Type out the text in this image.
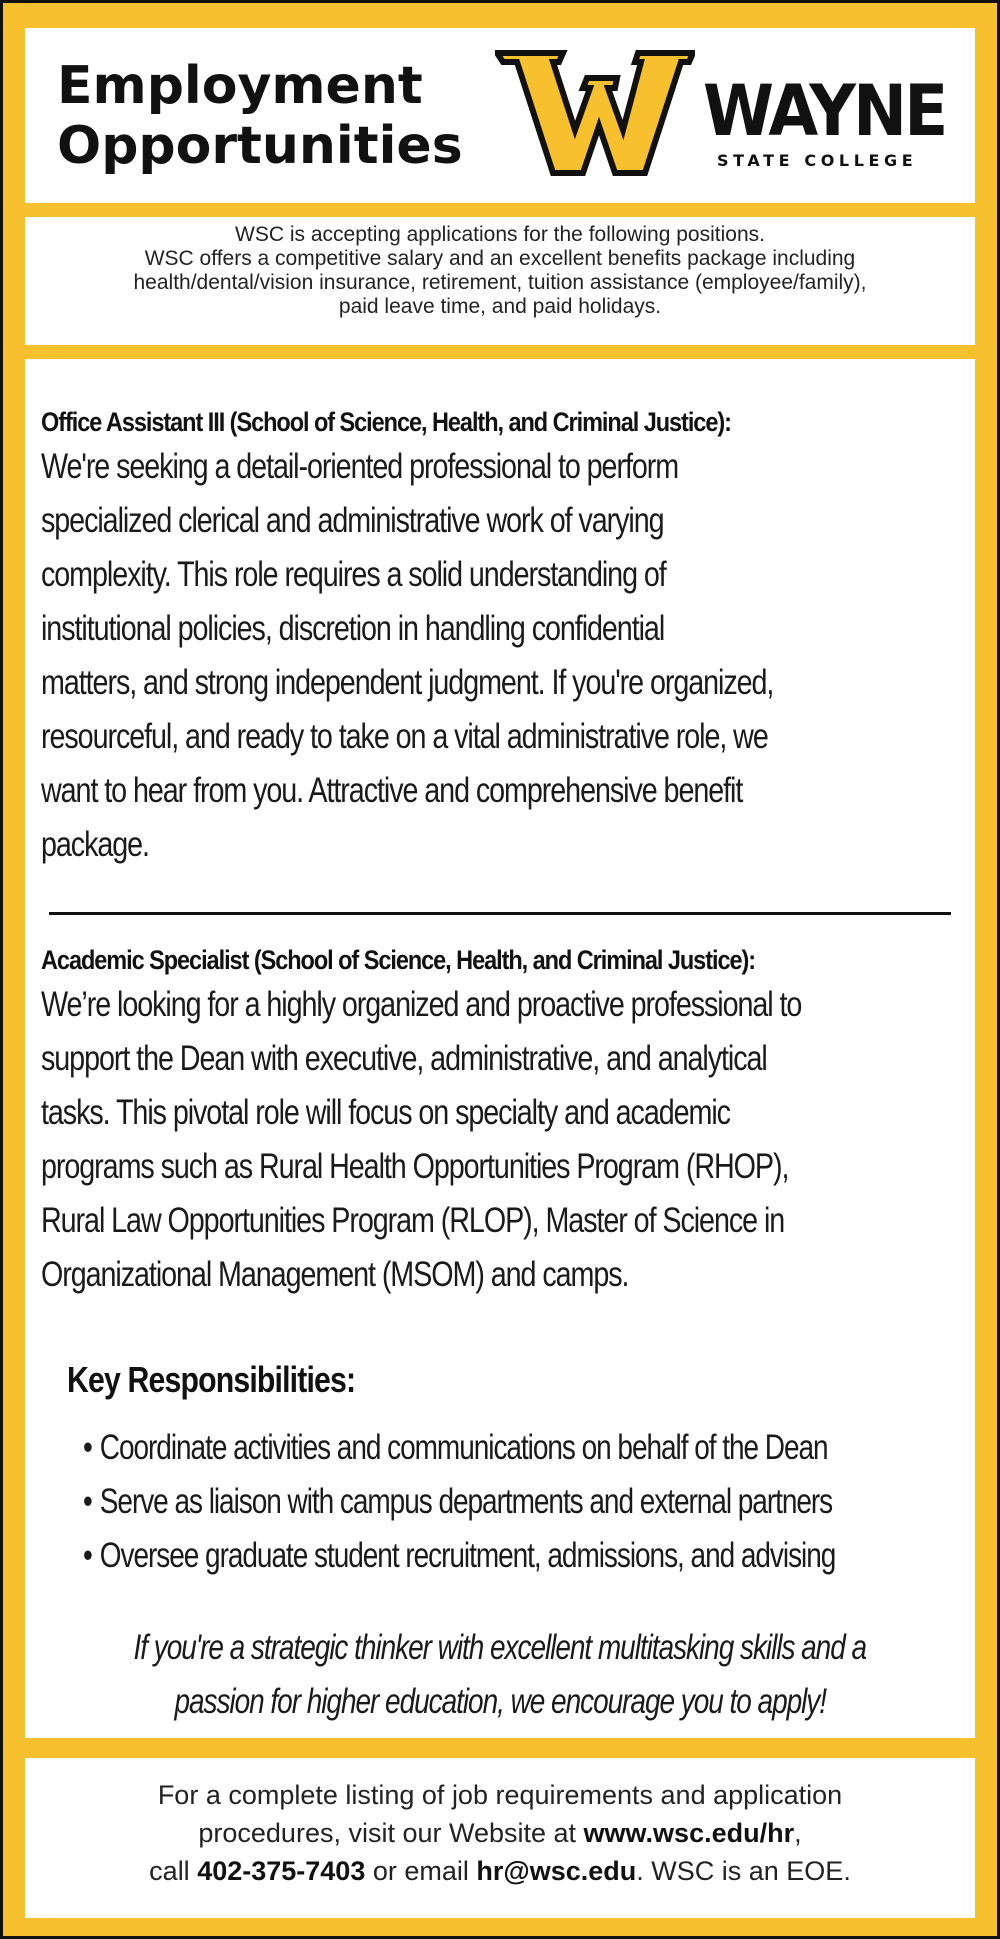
Employment
Opportunities	WAYNE
STATE COLLEGE
WSC is accepting applications for the following positions.
WSC offers a competitive salary and an excellent benefits package including
health/dental/vision insurance, retirement, tuition assistance (employee/family),
paid leave time, and paid holidays.
Office Assistant III (School of Science, Health, and Criminal Justice):
We're seeking a detail-oriented professional to perform
specialized clerical and administrative work of varying
complexity. This role requires a solid understanding of
institutional policies, discretion in handling confidential
matters, and strong independent judgment. If you're organized,
resourceful, and ready to take on a vital administrative role, we
want to hear from you. Attractive and comprehensive benefit
package.
Academic Specialist (School of Science, Health, and Criminal Justice):
We’re looking for a highly organized and proactive professional to
support the Dean with executive, administrative, and analytical
tasks. This pivotal role will focus on specialty and academic
programs such as Rural Health Opportunities Program (RHOP),
Rural Law Opportunities Program (RLOP), Master of Science in
Organizational Management (MSOM) and camps.
Key Responsibilities:
• Coordinate activities and communications on behalf of the Dean
• Serve as liaison with campus departments and external partners
• Oversee graduate student recruitment, admissions, and advising
If you're a strategic thinker with excellent multitasking skills and a
passion for higher education, we encourage you to apply!
For a complete listing of job requirements and application
procedures, visit our Website at www.wsc.edu/hr,
call 402-375-7403 or email hr@wsc.edu. WSC is an EOE.
